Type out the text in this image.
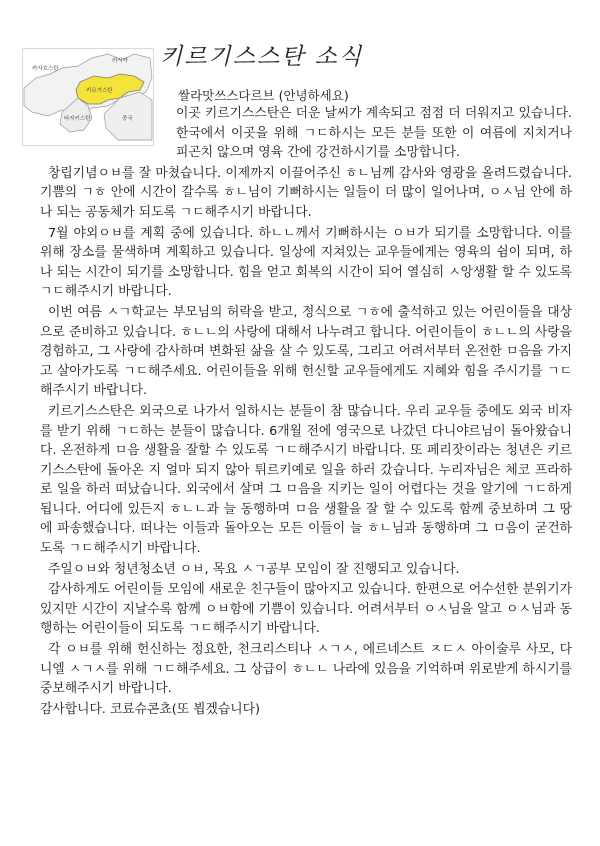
카자흐스탄
러시아
키르기스탄
타지키스탄	중국
키르기스스탄 소식

쌀라맛쓰스다르브 (안녕하세요)

이곳 키르기스스탄은 더운 날씨가 계속되고 점점 더 더워지고 있습니다. 한국에서 이곳을 위해 ㄱㄷ하시는 모든 분들 또한 이 여름에 지치거나 피곤치 않으며 영육 간에 강건하시기를 소망합니다.

창립기념ㅇㅂ를 잘 마쳤습니다. 이제까지 이끌어주신 ㅎㄴ님께 감사와 영광을 올려드렸습니다. 기쁨의 ㄱㅎ 안에 시간이 갈수록 ㅎㄴ님이 기뻐하시는 일들이 더 많이 일어나며, ㅇㅅ님 안에 하나 되는 공동체가 되도록 ㄱㄷ해주시기 바랍니다.

7월 야외ㅇㅂ를 계획 중에 있습니다. 하ㄴㄴ께서 기뻐하시는 ㅇㅂ가 되기를 소망합니다. 이를 위해 장소를 물색하며 계획하고 있습니다. 일상에 지쳐있는 교우들에게는 영육의 쉼이 되며, 하나 되는 시간이 되기를 소망합니다. 힘을 얻고 회복의 시간이 되어 열심히 ㅅ앙생활 할 수 있도록 ㄱㄷ해주시기 바랍니다.

이번 여름 ㅅㄱ학교는 부모님의 허락을 받고, 정식으로 ㄱㅎ에 출석하고 있는 어린이들을 대상으로 준비하고 있습니다. ㅎㄴㄴ의 사랑에 대해서 나누려고 합니다. 어린이들이 ㅎㄴㄴ의 사랑을 경험하고, 그 사랑에 감사하며 변화된 삶을 살 수 있도록, 그리고 어려서부터 온전한 ㅁ음을 가지고 살아가도록 ㄱㄷ해주세요. 어린이들을 위해 헌신할 교우들에게도 지혜와 힘을 주시기를 ㄱㄷ해주시기 바랍니다.

키르기스스탄은 외국으로 나가서 일하시는 분들이 참 많습니다. 우리 교우들 중에도 외국 비자를 받기 위해 ㄱㄷ하는 분들이 많습니다. 6개월 전에 영국으로 나갔던 다니야르님이 돌아왔습니다. 온전하게 ㅁ음 생활을 잘할 수 있도록 ㄱㄷ해주시기 바랍니다. 또 페리잣이라는 청년은 키르기스스탄에 돌아온 지 얼마 되지 않아 튀르키예로 일을 하러 갔습니다. 누리자님은 체코 프라하로 일을 하러 떠났습니다. 외국에서 살며 그 ㅁ음을 지키는 일이 어렵다는 것을 알기에 ㄱㄷ하게 됩니다. 어디에 있든지 ㅎㄴㄴ과 늘 동행하며 ㅁ음 생활을 잘 할 수 있도록 함께 중보하며 그 땅에 파송했습니다. 떠나는 이들과 돌아오는 모든 이들이 늘 ㅎㄴ님과 동행하며 그 ㅁ음이 굳건하도록 ㄱㄷ해주시기 바랍니다.

주일ㅇㅂ와 청년청소년 ㅇㅂ, 목요 ㅅㄱ공부 모임이 잘 진행되고 있습니다.

감사하게도 어린이들 모임에 새로운 친구들이 많아지고 있습니다. 한편으로 어수선한 분위기가 있지만 시간이 지날수록 함께 ㅇㅂ함에 기쁨이 있습니다. 어려서부터 ㅇㅅ님을 알고 ㅇㅅ님과 동행하는 어린이들이 되도록 ㄱㄷ해주시기 바랍니다.

각 ㅇㅂ를 위해 헌신하는 정요한, 천크리스티나 ㅅㄱㅅ, 에르네스트 ㅈㄷㅅ 아이술루 사모, 다니엘 ㅅㄱㅅ를 위해 ㄱㄷ해주세요. 그 상급이 ㅎㄴㄴ 나라에 있음을 기억하며 위로받게 하시기를 중보해주시기 바랍니다.

감사합니다. 코료슈콘쵸(또 뵙겠습니다)
